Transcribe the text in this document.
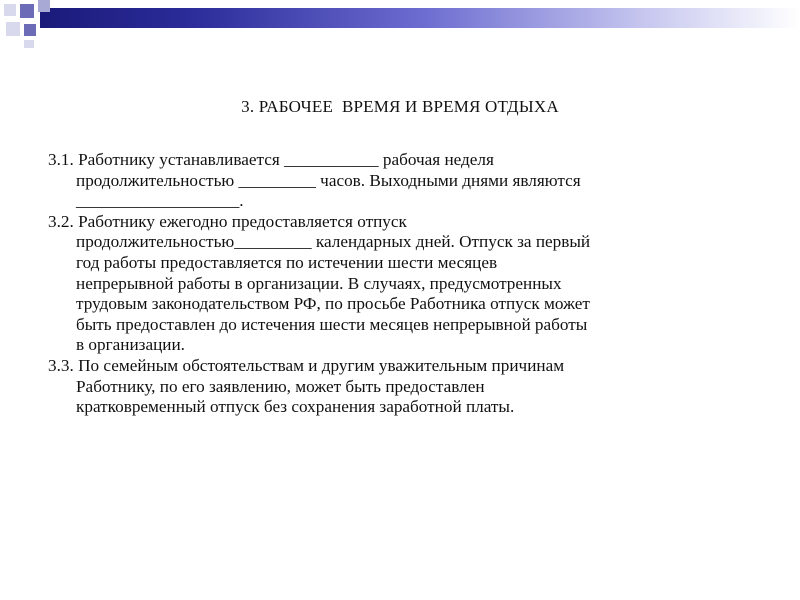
3. РАБОЧЕЕ  ВРЕМЯ И ВРЕМЯ ОТДЫХА
3.1. Работнику устанавливается ___________ рабочая неделя
продолжительностью _________ часов. Выходными днями являются
___________________.
3.2. Работнику ежегодно предоставляется отпуск
продолжительностью_________ календарных дней. Отпуск за первый
год работы предоставляется по истечении шести месяцев
непрерывной работы в организации. В случаях, предусмотренных
трудовым законодательством РФ, по просьбе Работника отпуск может
быть предоставлен до истечения шести месяцев непрерывной работы
в организации.
3.3. По семейным обстоятельствам и другим уважительным причинам
Работнику, по его заявлению, может быть предоставлен
кратковременный отпуск без сохранения заработной платы.
